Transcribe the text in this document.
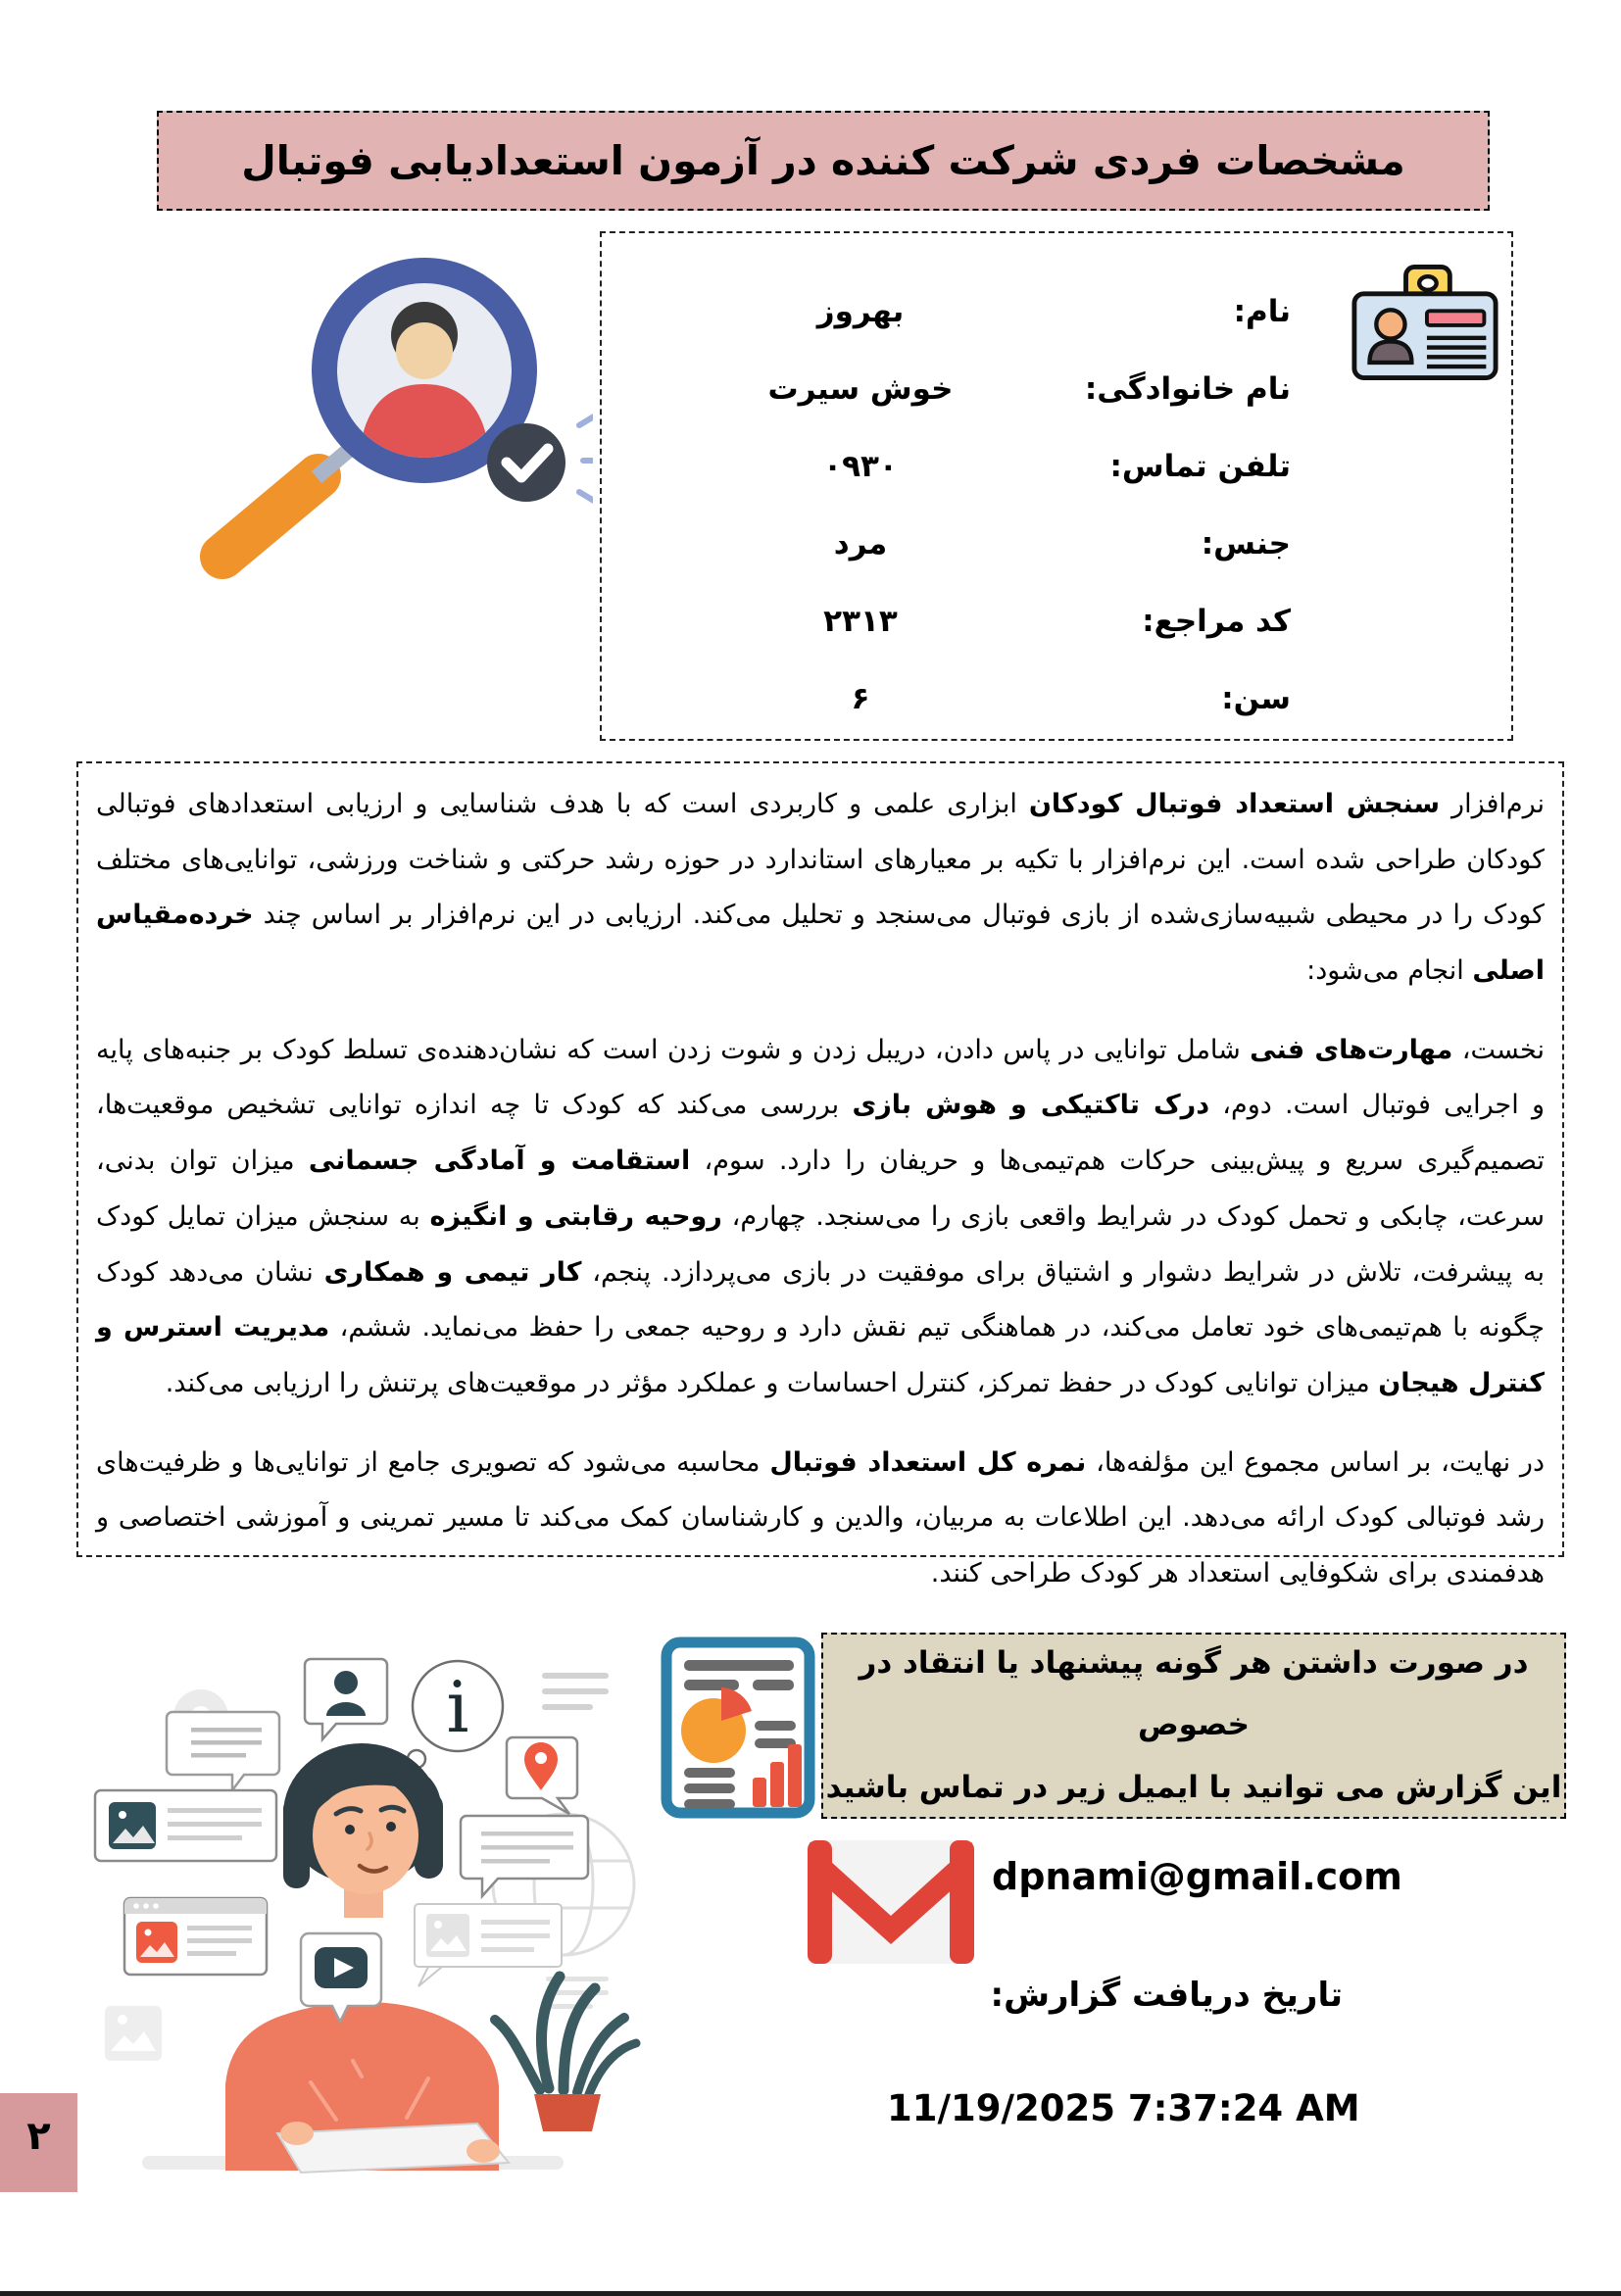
مشخصات فردی شرکت کننده در آزمون استعدادیابی فوتبال
نام:
بهروز
نام خانوادگی:
خوش سیرت
تلفن تماس:
۰۹۳۰
جنس:
مرد
کد مراجع:
۲۳۱۳
سن:
۶

نرم‌افزار سنجش استعداد فوتبال کودکان ابزاری علمی و کاربردی است که با هدف شناسایی و ارزیابی استعدادهای فوتبالی کودکان طراحی شده است. این نرم‌افزار با تکیه بر معیارهای استاندارد در حوزه رشد حرکتی و شناخت ورزشی، توانایی‌های مختلف کودک را در محیطی شبیه‌سازی‌شده از بازی فوتبال می‌سنجد و تحلیل می‌کند. ارزیابی در این نرم‌افزار بر اساس چند خرده‌مقیاس اصلی انجام می‌شود:

نخست، مهارت‌های فنی شامل توانایی در پاس دادن، دریبل زدن و شوت زدن است که نشان‌دهنده‌ی تسلط کودک بر جنبه‌های پایه و اجرایی فوتبال است. دوم، درک تاکتیکی و هوش بازی بررسی می‌کند که کودک تا چه اندازه توانایی تشخیص موقعیت‌ها، تصمیم‌گیری سریع و پیش‌بینی حرکات هم‌تیمی‌ها و حریفان را دارد. سوم، استقامت و آمادگی جسمانی میزان توان بدنی، سرعت، چابکی و تحمل کودک در شرایط واقعی بازی را می‌سنجد. چهارم، روحیه رقابتی و انگیزه به سنجش میزان تمایل کودک به پیشرفت، تلاش در شرایط دشوار و اشتیاق برای موفقیت در بازی می‌پردازد. پنجم، کار تیمی و همکاری نشان می‌دهد کودک چگونه با هم‌تیمی‌های خود تعامل می‌کند، در هماهنگی تیم نقش دارد و روحیه جمعی را حفظ می‌نماید. ششم، مدیریت استرس و کنترل هیجان میزان توانایی کودک در حفظ تمرکز، کنترل احساسات و عملکرد مؤثر در موقعیت‌های پرتنش را ارزیابی می‌کند.

در نهایت، بر اساس مجموع این مؤلفه‌ها، نمره کل استعداد فوتبال محاسبه می‌شود که تصویری جامع از توانایی‌ها و ظرفیت‌های رشد فوتبالی کودک ارائه می‌دهد. این اطلاعات به مربیان، والدین و کارشناسان کمک می‌کند تا مسیر تمرینی و آموزشی اختصاصی و هدفمندی برای شکوفایی استعداد هر کودک طراحی کنند.

i
در صورت داشتن هر گونه پیشنهاد یا انتقاد در خصوص
این گزارش می توانید با ایمیل زیر در تماس باشید
dpnami@gmail.com
تاریخ دریافت گزارش:
11/19/2025 7:37:24 AM
۲
